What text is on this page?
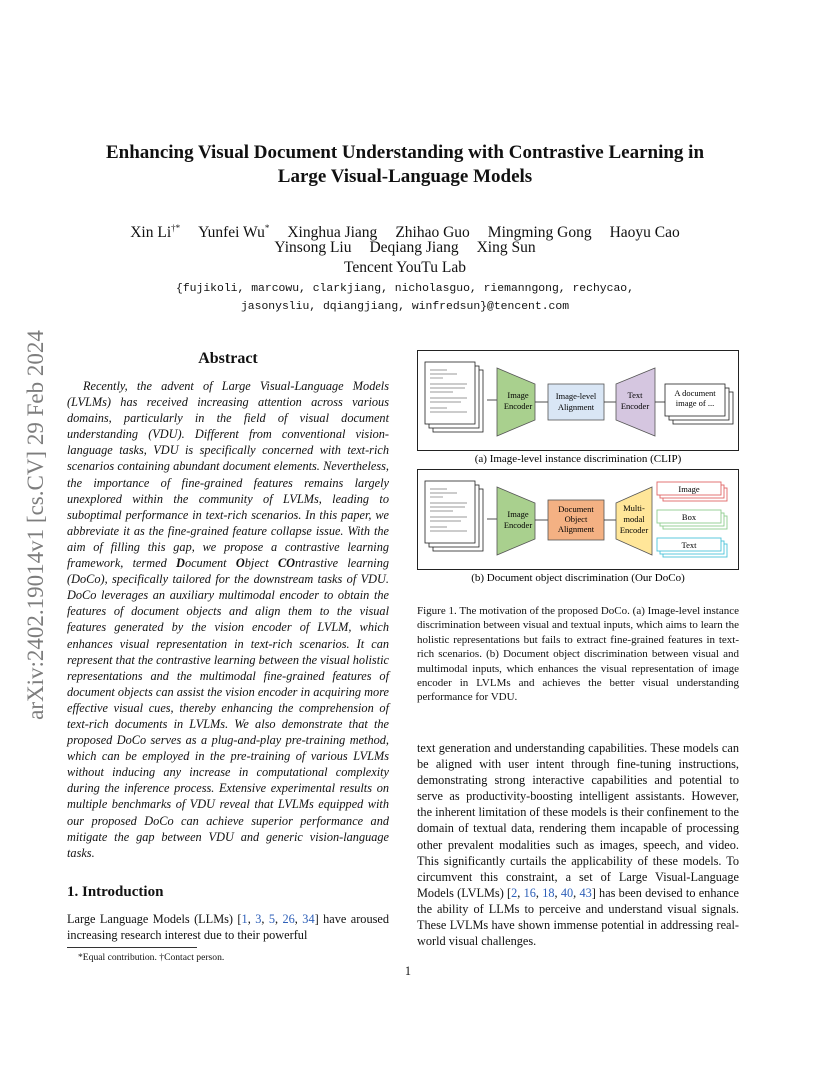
arXiv:2402.19014v1 [cs.CV] 29 Feb 2024
Enhancing Visual Document Understanding with Contrastive Learning in
Large Visual-Language Models
Xin Li†* Yunfei Wu* Xinghua Jiang Zhihao Guo Mingming Gong Haoyu Cao
Yinsong Liu Deqiang Jiang Xing Sun
Tencent YouTu Lab
{fujikoli, marcowu, clarkjiang, nicholasguo, riemanngong, rechycao,
jasonysliu, dqiangjiang, winfredsun}@tencent.com
Abstract
Recently, the advent of Large Visual-Language Models (LVLMs) has received increasing attention across various domains, particularly in the field of visual document understanding (VDU). Different from conventional vision-language tasks, VDU is specifically concerned with text-rich scenarios containing abundant document elements. Nevertheless, the importance of fine-grained features remains largely unexplored within the community of LVLMs, leading to suboptimal performance in text-rich scenarios. In this paper, we abbreviate it as the fine-grained feature collapse issue. With the aim of filling this gap, we propose a contrastive learning framework, termed Document Object COntrastive learning (DoCo), specifically tailored for the downstream tasks of VDU. DoCo leverages an auxiliary multimodal encoder to obtain the features of document objects and align them to the visual features generated by the vision encoder of LVLM, which enhances visual representation in text-rich scenarios. It can represent that the contrastive learning between the visual holistic representations and the multimodal fine-grained features of document objects can assist the vision encoder in acquiring more effective visual cues, thereby enhancing the comprehension of text-rich documents in LVLMs. We also demonstrate that the proposed DoCo serves as a plug-and-play pre-training method, which can be employed in the pre-training of various LVLMs without inducing any increase in computational complexity during the inference process. Extensive experimental results on multiple benchmarks of VDU reveal that LVLMs equipped with our proposed DoCo can achieve superior performance and mitigate the gap between VDU and generic vision-language tasks.
1. Introduction
Large Language Models (LLMs) [1, 3, 5, 26, 34] have aroused increasing research interest due to their powerful
*Equal contribution. †Contact person.
Image
Encoder
Image-level
Alignment
Text
Encoder
A document
image of ...
(a) Image-level instance discrimination (CLIP)
Image
Encoder
Document
Object
Alignment
Multi-
modal
Encoder
Image
Box
Text
(b) Document object discrimination (Our DoCo)
Figure 1. The motivation of the proposed DoCo. (a) Image-level instance discrimination between visual and textual inputs, which aims to learn the holistic representations but fails to extract fine-grained features in text-rich scenarios. (b) Document object discrimination between visual and multimodal inputs, which enhances the visual representation of image encoder in LVLMs and achieves the better visual understanding performance for VDU.
text generation and understanding capabilities. These models can be aligned with user intent through fine-tuning instructions, demonstrating strong interactive capabilities and potential to serve as productivity-boosting intelligent assistants. However, the inherent limitation of these models is their confinement to the domain of textual data, rendering them incapable of processing other prevalent modalities such as images, speech, and video. This significantly curtails the applicability of these models. To circumvent this constraint, a set of Large Visual-Language Models (LVLMs) [2, 16, 18, 40, 43] has been devised to enhance the ability of LLMs to perceive and understand visual signals. These LVLMs have shown immense potential in addressing real-world visual challenges.
1
